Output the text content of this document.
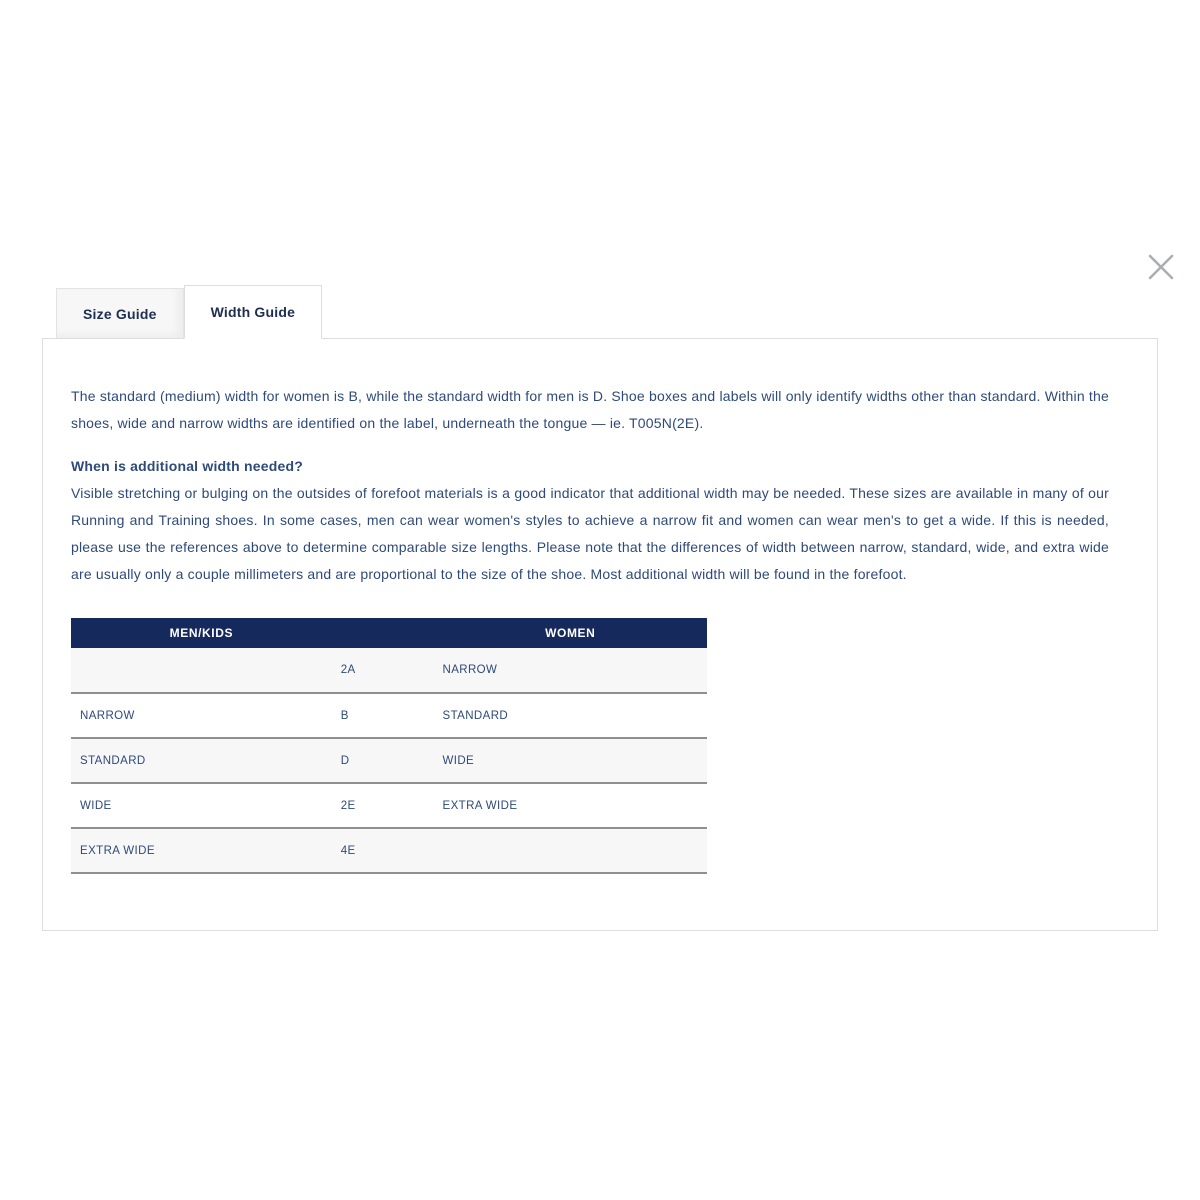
Size Guide	Width Guide

The standard (medium) width for women is B, while the standard width for men is D. Shoe boxes and labels will only identify widths other than standard. Within the shoes, wide and narrow widths are identified on the label, underneath the tongue — ie. T005N(2E).

When is additional width needed?

Visible stretching or bulging on the outsides of forefoot materials is a good indicator that additional width may be needed. These sizes are available in many of our Running and Training shoes. In some cases, men can wear women's styles to achieve a narrow fit and women can wear men's to get a wide. If this is needed, please use the references above to determine comparable size lengths. Please note that the differences of width between narrow, standard, wide, and extra wide are usually only a couple millimeters and are proportional to the size of the shoe. Most additional width will be found in the forefoot.

MEN/KIDS		WOMEN
	2A	NARROW
NARROW	B	STANDARD
STANDARD	D	WIDE
WIDE	2E	EXTRA WIDE
EXTRA WIDE	4E	
